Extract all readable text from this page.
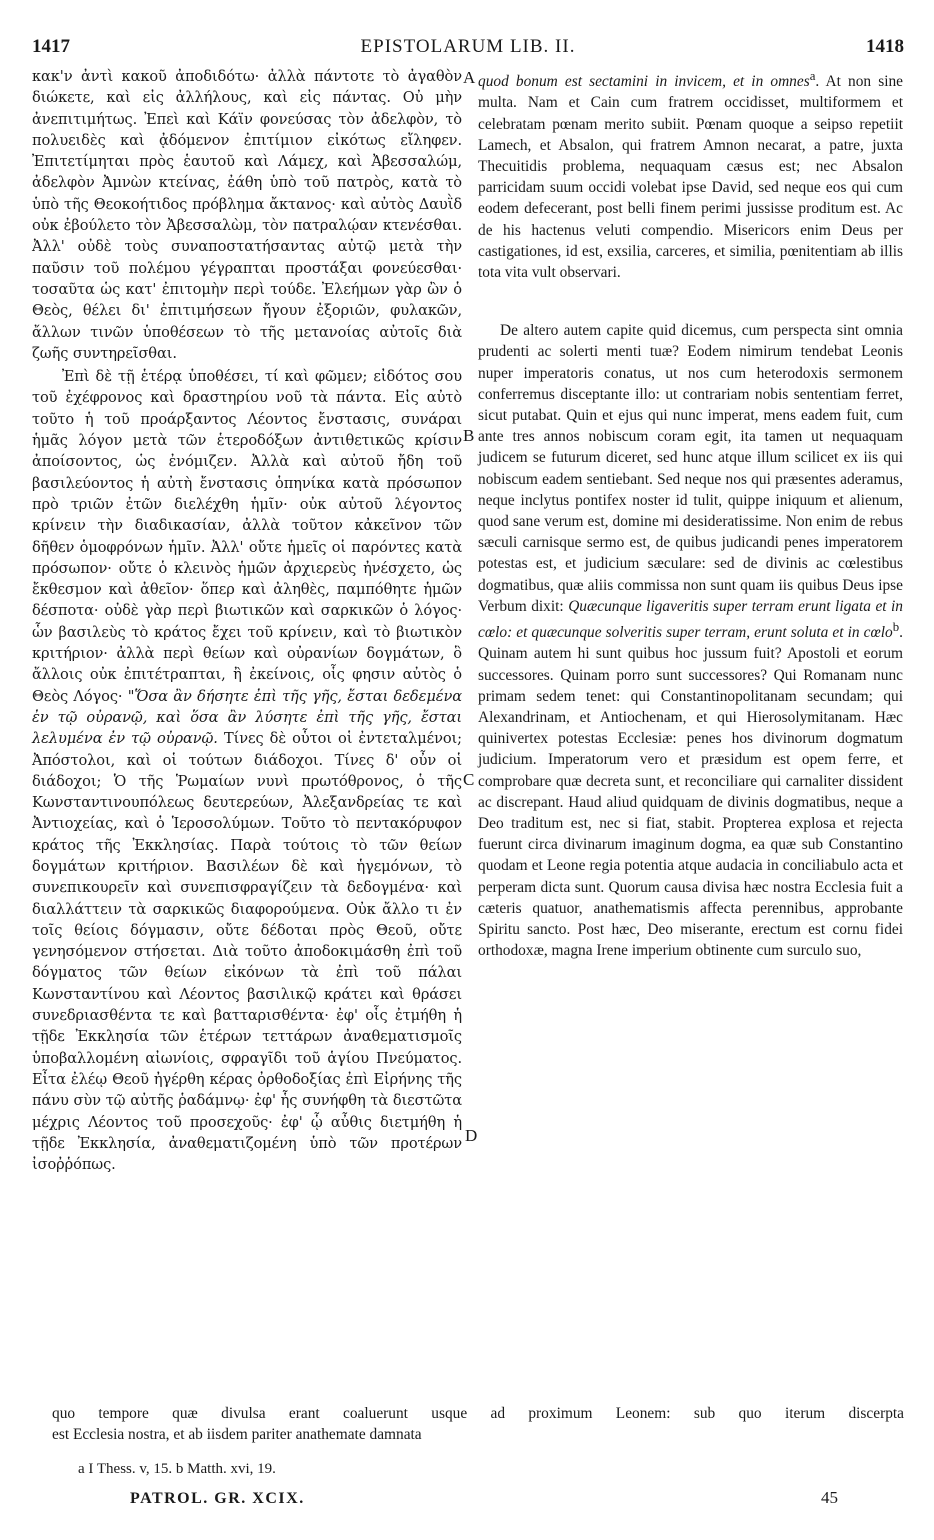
1417	EPISTOLARUM LIB. II.	1418
A
B
C
D

κακ'ν ἀντὶ κακοῦ ἀποδιδότω· ἀλλὰ πάντοτε τὸ ἀγαθὸν διώκετε, καὶ εἰς ἀλλήλους, καὶ εἰς πάντας. Οὐ μὴν ἀνεπιτιμήτως. Ἐπεὶ καὶ Κάϊν φονεύσας τὸν ἀδελφὸν, τὸ πολυειδὲς καὶ ᾀδόμενον ἐπιτίμιον εἰκότως εἴληφεν. Ἐπιτετίμηται πρὸς ἑαυτοῦ καὶ Λάμεχ, καὶ Ἀβεσσαλώμ, ἀδελφὸν Ἀμνὼν κτείνας, ἐάθη ὑπὸ τοῦ πατρὸς, κατὰ τὸ ὑπὸ τῆς Θεοκοήτιδος πρόβλημα ἄκτανος· καὶ αὐτὸς Δαυῒδ οὐκ ἐβούλετο τὸν Ἀβεσσαλὼμ, τὸν πατραλῴαν κτενέσθαι. Ἀλλ' οὐδὲ τοὺς συναποστατήσαντας αὐτῷ μετὰ τὴν παῦσιν τοῦ πολέμου γέγραπται προστάξαι φονεύεσθαι· τοσαῦτα ὡς κατ' ἐπιτομὴν περὶ τούδε. Ἐλεήμων γὰρ ὢν ὁ Θεὸς, θέλει δι' ἐπιτιμήσεων ἤγουν ἐξοριῶν, φυλακῶν, ἄλλων τινῶν ὑποθέσεων τὸ τῆς μετανοίας αὐτοῖς διὰ ζωῆς συντηρεῖσθαι.

Ἐπὶ δὲ τῇ ἑτέρᾳ ὑποθέσει, τί καὶ φῶμεν; εἰδότος σου τοῦ ἐχέφρονος καὶ δραστηρίου νοῦ τὰ πάντα. Εἰς αὐτὸ τοῦτο ἡ τοῦ προάρξαντος Λέοντος ἔνστασις, συνάραι ἡμᾶς λόγον μετὰ τῶν ἑτεροδόξων ἀντιθετικῶς κρίσιν ἀποίσοντος, ὡς ἐνόμιζεν. Ἀλλὰ καὶ αὐτοῦ ἤδη τοῦ βασιλεύοντος ἡ αὐτὴ ἔνστασις ὁπηνίκα κατὰ πρόσωπον πρὸ τριῶν ἐτῶν διελέχθη ἡμῖν· οὐκ αὐτοῦ λέγοντος κρίνειν τὴν διαδικασίαν, ἀλλὰ τοῦτον κἀκεῖνον τῶν δῆθεν ὁμοφρόνων ἡμῖν. Ἀλλ' οὔτε ἡμεῖς οἱ παρόντες κατὰ πρόσωπον· οὔτε ὁ κλεινὸς ἡμῶν ἀρχιερεὺς ἠνέσχετο, ὡς ἔκθεσμον καὶ ἀθεῖον· ὅπερ καὶ ἀληθὲς, παμπόθητε ἡμῶν δέσποτα· οὐδὲ γὰρ περὶ βιωτικῶν καὶ σαρκικῶν ὁ λόγος· ὧν βασιλεὺς τὸ κράτος ἔχει τοῦ κρίνειν, καὶ τὸ βιωτικὸν κριτήριον· ἀλλὰ περὶ θείων καὶ οὐρανίων δογμάτων, ὃ ἄλλοις οὐκ ἐπιτέτραπται, ἢ ἐκείνοις, οἷς φησιν αὐτὸς ὁ Θεὸς Λόγος· "Ὅσα ἂν δήσητε ἐπὶ τῆς γῆς, ἔσται δεδεμένα ἐν τῷ οὐρανῷ, καὶ ὅσα ἂν λύσητε ἐπὶ τῆς γῆς, ἔσται λελυμένα ἐν τῷ οὐρανῷ. Τίνες δὲ οὗτοι οἱ ἐντεταλμένοι; Ἀπόστολοι, καὶ οἱ τούτων διάδοχοι. Τίνες δ' οὖν οἱ διάδοχοι; Ὁ τῆς Ῥωμαίων νυνὶ πρωτόθρονος, ὁ τῆς Κωνσταντινουπόλεως δευτερεύων, Ἀλεξανδρείας τε καὶ Ἀντιοχείας, καὶ ὁ Ἱεροσολύμων. Τοῦτο τὸ πεντακόρυφον κράτος τῆς Ἐκκλησίας. Παρὰ τούτοις τὸ τῶν θείων δογμάτων κριτήριον. Βασιλέων δὲ καὶ ἡγεμόνων, τὸ συνεπικουρεῖν καὶ συνεπισφραγίζειν τὰ δεδογμένα· καὶ διαλλάττειν τὰ σαρκικῶς διαφορούμενα. Οὐκ ἄλλο τι ἐν τοῖς θείοις δόγμασιν, οὔτε δέδοται πρὸς Θεοῦ, οὔτε γενησόμενον στήσεται. Διὰ τοῦτο ἀποδοκιμάσθη ἐπὶ τοῦ δόγματος τῶν θείων εἰκόνων τὰ ἐπὶ τοῦ πάλαι Κωνσταντίνου καὶ Λέοντος βασιλικῷ κράτει καὶ θράσει συνεδριασθέντα τε καὶ βατταρισθέντα· ἐφ' οἷς ἐτμήθη ἡ τῇδε Ἐκκλησία τῶν ἑτέρων τεττάρων ἀναθεματισμοῖς ὑποβαλλομένη αἰωνίοις, σφραγῖδι τοῦ ἁγίου Πνεύματος. Εἶτα ἐλέῳ Θεοῦ ἠγέρθη κέρας ὀρθοδοξίας ἐπὶ Εἰρήνης τῆς πάνυ σὺν τῷ αὐτῆς ῥαδάμνῳ· ἐφ' ἧς συνήφθη τὰ διεστῶτα μέχρις Λέοντος τοῦ προσεχοῦς· ἐφ' ᾧ αὖθις διετμήθη ἡ τῇδε Ἐκκλησία, ἀναθεματιζομένη ὑπὸ τῶν προτέρων ἰσοῤῥόπως.

quod bonum est sectamini in invicem, et in omnes$^a$. At non sine multa. Nam et Cain cum fratrem occidisset, multiformem et celebratam pœnam merito subiit. Pœnam quoque a seipso repetiit Lamech, et Absalon, qui fratrem Amnon necarat, a patre, juxta Thecuitidis problema, nequaquam cæsus est; nec Absalon parricidam suum occidi volebat ipse David, sed neque eos qui cum eodem defecerant, post belli finem perimi jussisse proditum est. Ac de his hactenus veluti compendio. Misericors enim Deus per castigationes, id est, exsilia, carceres, et similia, pœnitentiam ab illis tota vita vult observari.

De altero autem capite quid dicemus, cum perspecta sint omnia prudenti ac solerti menti tuæ? Eodem nimirum tendebat Leonis nuper imperatoris conatus, ut nos cum heterodoxis sermonem conferremus disceptante illo: ut contrariam nobis sententiam ferret, sicut putabat. Quin et ejus qui nunc imperat, mens eadem fuit, cum ante tres annos nobiscum coram egit, ita tamen ut nequaquam judicem se futurum diceret, sed hunc atque illum scilicet ex iis qui nobiscum eadem sentiebant. Sed neque nos qui præsentes aderamus, neque inclytus pontifex noster id tulit, quippe iniquum et alienum, quod sane verum est, domine mi desideratissime. Non enim de rebus sæculi carnisque sermo est, de quibus judicandi penes imperatorem potestas est, et judicium sæculare: sed de divinis ac cœlestibus dogmatibus, quæ aliis commissa non sunt quam iis quibus Deus ipse Verbum dixit: Quæcunque ligaveritis super terram erunt ligata et in cœlo: et quæcunque solveritis super terram, erunt soluta et in cœlo$^b$. Quinam autem hi sunt quibus hoc jussum fuit? Apostoli et eorum successores. Quinam porro sunt successores? Qui Romanam nunc primam sedem tenet: qui Constantinopolitanam secundam; qui Alexandrinam, et Antiochenam, et qui Hierosolymitanam. Hæc quinivertex potestas Ecclesiæ: penes hos divinorum dogmatum judicium. Imperatorum vero et præsidum est opem ferre, et comprobare quæ decreta sunt, et reconciliare qui carnaliter dissident ac discrepant. Haud aliud quidquam de divinis dogmatibus, neque a Deo traditum est, nec si fiat, stabit. Propterea explosa et rejecta fuerunt circa divinarum imaginum dogma, ea quæ sub Constantino quodam et Leone regia potentia atque audacia in conciliabulo acta et perperam dicta sunt. Quorum causa divisa hæc nostra Ecclesia fuit a cæteris quatuor, anathematismis affecta perennibus, approbante Spiritu sancto. Post hæc, Deo miserante, erectum est cornu fidei orthodoxæ, magna Irene imperium obtinente cum surculo suo,

quo tempore quæ divulsa erant coaluerunt usque ad proximum Leonem: sub quo iterum discerpta
est Ecclesia nostra, et ab iisdem pariter anathemate damnata
a I Thess. v, 15. b Matth. xvi, 19.
PATROL. GR. XCIX.	45
